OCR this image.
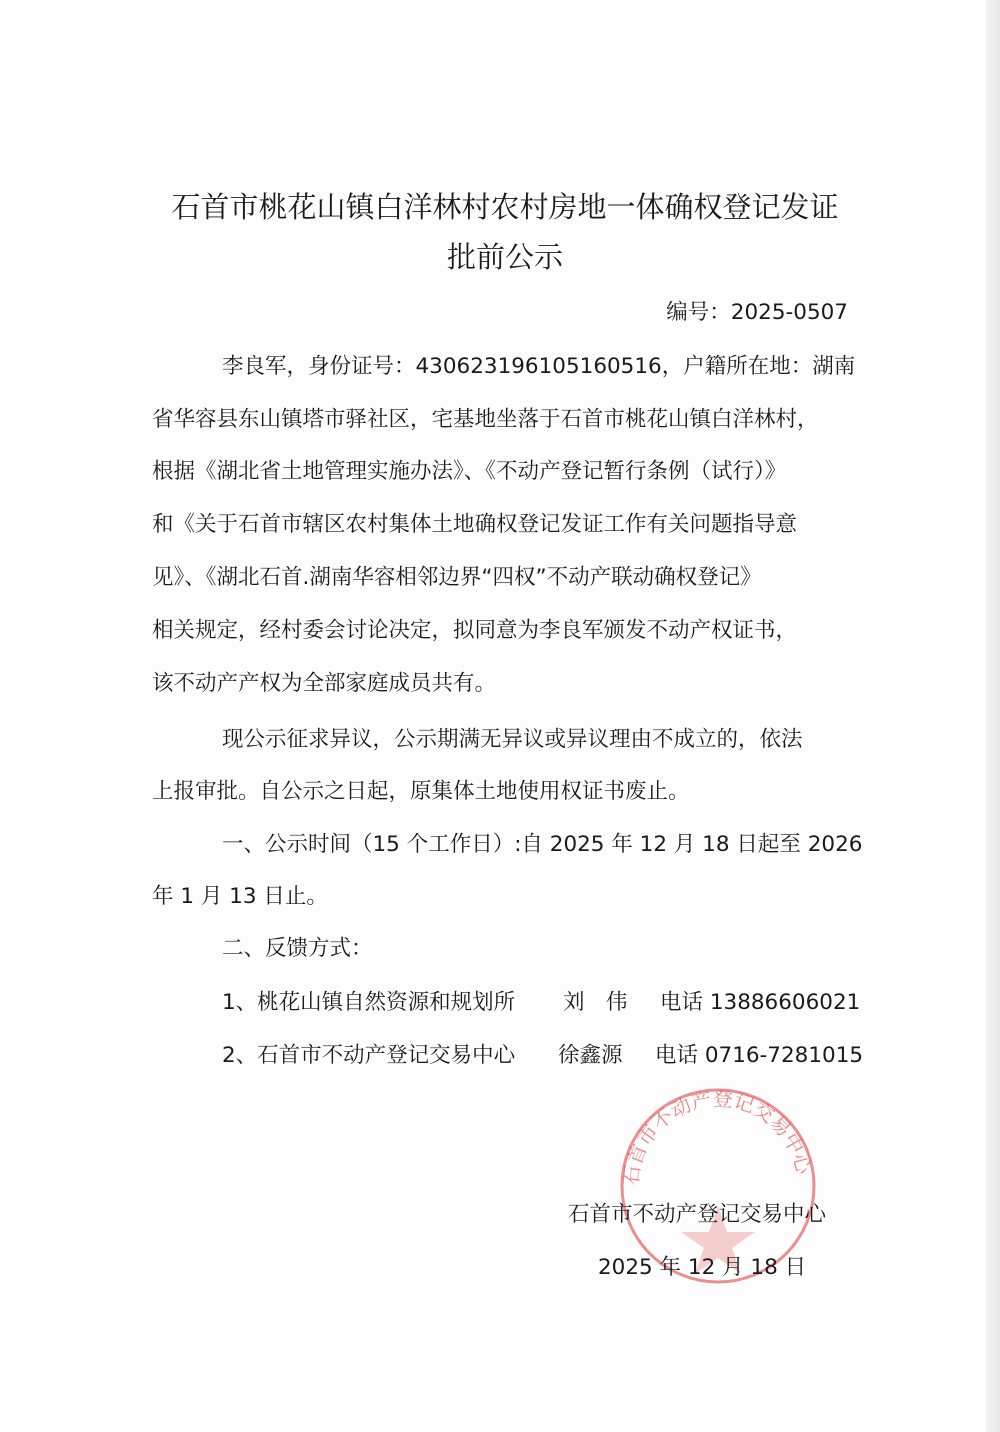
石首市桃花山镇白洋林村农村房地一体确权登记发证
批前公示
编号：2025-0507
李良军，身份证号：430623196105160516，户籍所在地：湖南
省华容县东山镇塔市驿社区，宅基地坐落于石首市桃花山镇白洋林村，
根据《湖北省土地管理实施办法》、《不动产登记暂行条例（试行）》
和《关于石首市辖区农村集体土地确权登记发证工作有关问题指导意
见》、《湖北石首.湖南华容相邻边界“四权”不动产联动确权登记》
相关规定，经村委会讨论决定，拟同意为李良军颁发不动产权证书，
该不动产产权为全部家庭成员共有。
现公示征求异议，公示期满无异议或异议理由不成立的，依法
上报审批。自公示之日起，原集体土地使用权证书废止。
一、公示时间（15 个工作日）:自 2025 年 12 月 18 日起至 2026
年 1 月 13 日止。
二、反馈方式：
1、桃花山镇自然资源和规划所 刘　伟 电话 13886606021
2、石首市不动产登记交易中心 徐鑫源 电话 0716-7281015
石首市不动产登记交易中心
石首市不动产登记交易中心
2025 年 12 月 18 日
